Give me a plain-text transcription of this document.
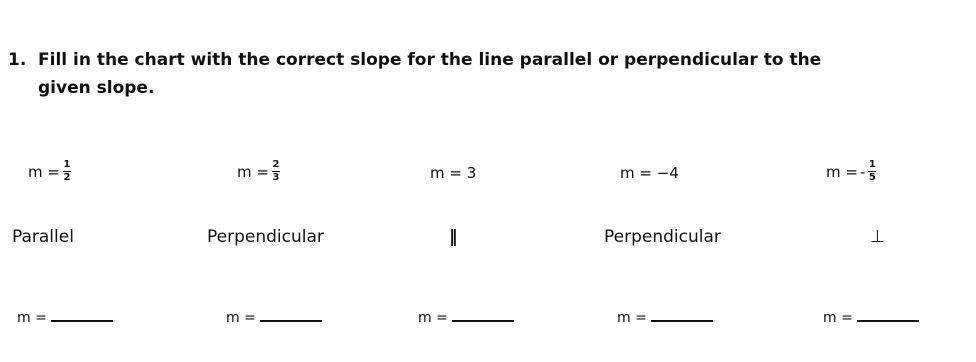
1. Fill in the chart with the correct slope for the line parallel or perpendicular to the given slope.
$m = \frac{1}{2}$	$m = \frac{2}{3}$	m = 3	m = −4	m = - $\frac{1}{5}$
Parallel	Perpendicular	‖	Perpendicular	⊥
m =	m =	m =	m =	m =
